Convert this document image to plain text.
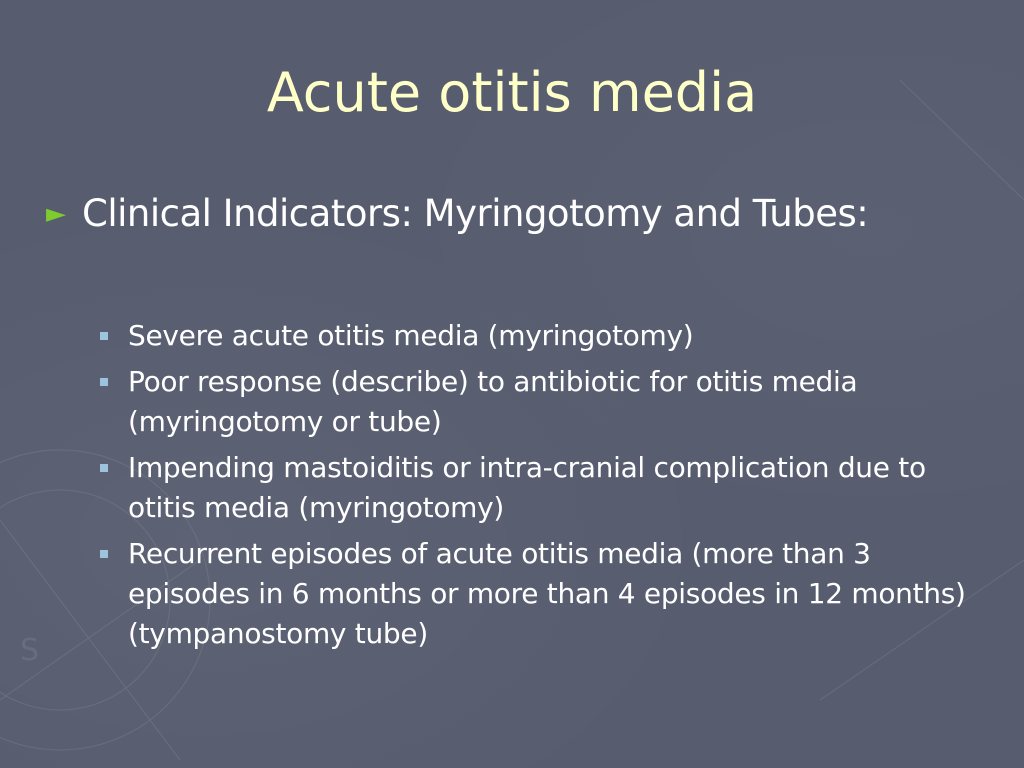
S
Acute otitis media
► Clinical Indicators: Myringotomy and Tubes:
Severe acute otitis media (myringotomy)
Poor response (describe) to antibiotic for otitis media (myringotomy or tube)
Impending mastoiditis or intra-cranial complication due to otitis media (myringotomy)
Recurrent episodes of acute otitis media (more than 3 episodes in 6 months or more than 4 episodes in 12 months) (tympanostomy tube)
